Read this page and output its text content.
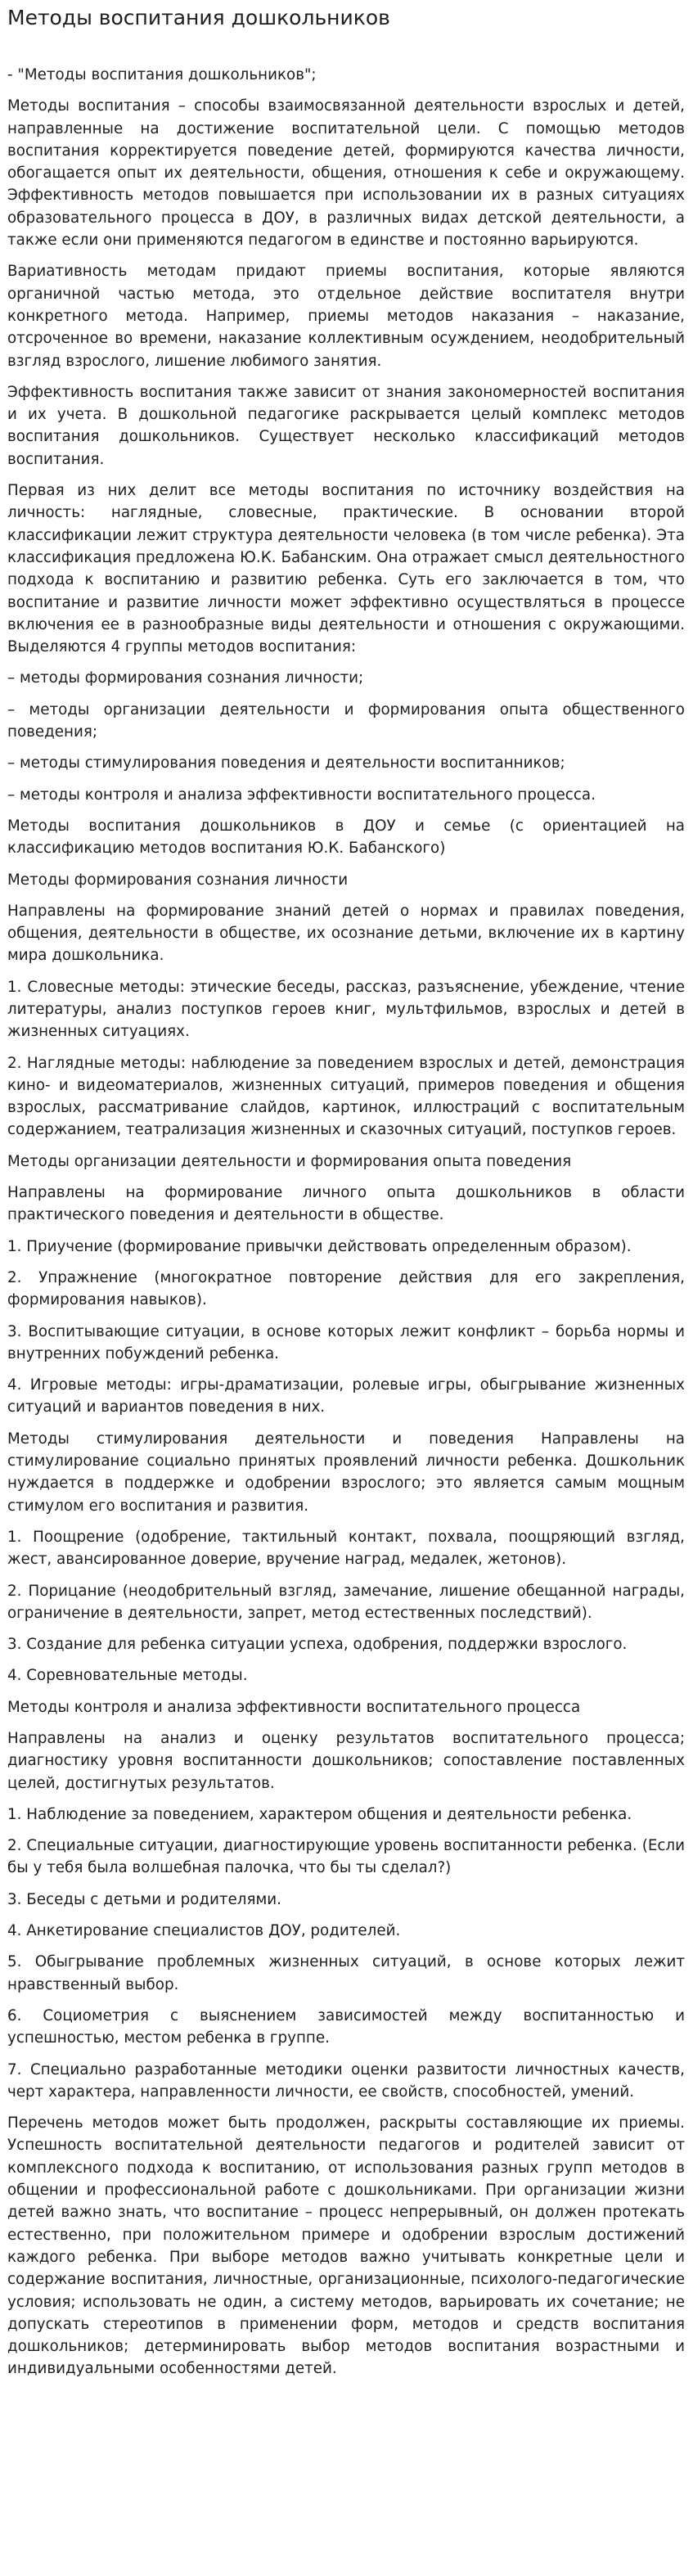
Методы воспитания дошкольников

- "Методы воспитания дошкольников";

Методы воспитания – способы взаимосвязанной деятельности взрослых и детей, направленные на достижение воспитательной цели. С помощью методов воспитания корректируется поведение детей, формируются качества личности, обогащается опыт их деятельности, общения, отношения к себе и окружающему. Эффективность методов повышается при использовании их в разных ситуациях образовательного процесса в ДОУ, в различных видах детской деятельности, а также если они применяются педагогом в единстве и постоянно варьируются.

Вариативность методам придают приемы воспитания, которые являются органичной частью метода, это отдельное действие воспитателя внутри конкретного метода. Например, приемы методов наказания – наказание, отсроченное во времени, наказание коллективным осуждением, неодобрительный взгляд взрослого, лишение любимого занятия.

Эффективность воспитания также зависит от знания закономерностей воспитания и их учета. В дошкольной педагогике раскрывается целый комплекс методов воспитания дошкольников. Существует несколько классификаций методов воспитания.

Первая из них делит все методы воспитания по источнику воздействия на личность: наглядные, словесные, практические. В основании второй классификации лежит структура деятельности человека (в том числе ребенка). Эта классификация предложена Ю.К. Бабанским. Она отражает смысл деятельностного подхода к воспитанию и развитию ребенка. Суть его заключается в том, что воспитание и развитие личности может эффективно осуществляться в процессе включения ее в разнообразные виды деятельности и отношения с окружающими. Выделяются 4 группы методов воспитания:

– методы формирования сознания личности;

– методы организации деятельности и формирования опыта общественного поведения;

– методы стимулирования поведения и деятельности воспитанников;

– методы контроля и анализа эффективности воспитательного процесса.

Методы воспитания дошкольников в ДОУ и семье (с ориентацией на классификацию методов воспитания Ю.К. Бабанского)

Методы формирования сознания личности

Направлены на формирование знаний детей о нормах и правилах поведения, общения, деятельности в обществе, их осознание детьми, включение их в картину мира дошкольника.

1. Словесные методы: этические беседы, рассказ, разъяснение, убеждение, чтение литературы, анализ поступков героев книг, мультфильмов, взрослых и детей в жизненных ситуациях.

2. Наглядные методы: наблюдение за поведением взрослых и детей, демонстрация кино- и видеоматериалов, жизненных ситуаций, примеров поведения и общения взрослых, рассматривание слайдов, картинок, иллюстраций с воспитательным содержанием, театрализация жизненных и сказочных ситуаций, поступков героев.

Методы организации деятельности и формирования опыта поведения

Направлены на формирование личного опыта дошкольников в области практического поведения и деятельности в обществе.

1. Приучение (формирование привычки действовать определенным образом).

2. Упражнение (многократное повторение действия для его закрепления, формирования навыков).

3. Воспитывающие ситуации, в основе которых лежит конфликт – борьба нормы и внутренних побуждений ребенка.

4. Игровые методы: игры-драматизации, ролевые игры, обыгрывание жизненных ситуаций и вариантов поведения в них.

Методы стимулирования деятельности и поведения Направлены на стимулирование социально принятых проявлений личности ребенка. Дошкольник нуждается в поддержке и одобрении взрослого; это является самым мощным стимулом его воспитания и развития.

1. Поощрение (одобрение, тактильный контакт, похвала, поощряющий взгляд, жест, авансированное доверие, вручение наград, медалек, жетонов).

2. Порицание (неодобрительный взгляд, замечание, лишение обещанной награды, ограничение в деятельности, запрет, метод естественных последствий).

3. Создание для ребенка ситуации успеха, одобрения, поддержки взрослого.

4. Соревновательные методы.

Методы контроля и анализа эффективности воспитательного процесса

Направлены на анализ и оценку результатов воспитательного процесса; диагностику уровня воспитанности дошкольников; сопоставление поставленных целей, достигнутых результатов.

1. Наблюдение за поведением, характером общения и деятельности ребенка.

2. Специальные ситуации, диагностирующие уровень воспитанности ребенка. (Если бы у тебя была волшебная палочка, что бы ты сделал?)

3. Беседы с детьми и родителями.

4. Анкетирование специалистов ДОУ, родителей.

5. Обыгрывание проблемных жизненных ситуаций, в основе которых лежит нравственный выбор.

6. Социометрия с выяснением зависимостей между воспитанностью и успешностью, местом ребенка в группе.

7. Специально разработанные методики оценки развитости личностных качеств, черт характера, направленности личности, ее свойств, способностей, умений.

Перечень методов может быть продолжен, раскрыты составляющие их приемы. Успешность воспитательной деятельности педагогов и родителей зависит от комплексного подхода к воспитанию, от использования разных групп методов в общении и профессиональной работе с дошкольниками. При организации жизни детей важно знать, что воспитание – процесс непрерывный, он должен протекать естественно, при положительном примере и одобрении взрослым достижений каждого ребенка. При выборе методов важно учитывать конкретные цели и содержание воспитания, личностные, организационные, психолого-педагогические условия; использовать не один, а систему методов, варьировать их сочетание; не допускать стереотипов в применении форм, методов и средств воспитания дошкольников; детерминировать выбор методов воспитания возрастными и индивидуальными особенностями детей.
